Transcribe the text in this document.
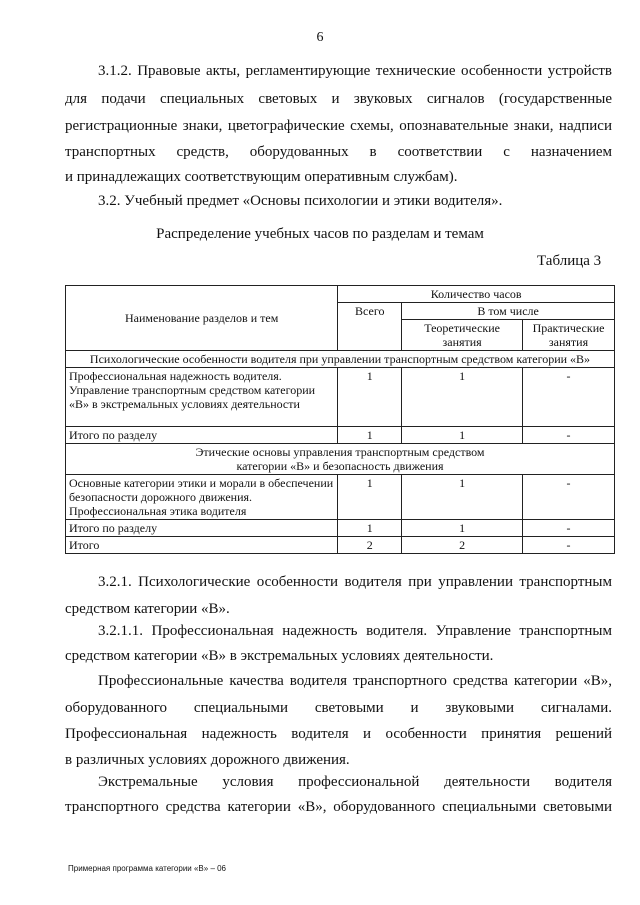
6
3.1.2. Правовые акты, регламентирующие технические особенности устройств
для подачи специальных световых и звуковых сигналов (государственные
регистрационные знаки, цветографические схемы, опознавательные знаки, надписи
транспортных средств, оборудованных в соответствии с назначением
и принадлежащих соответствующим оперативным службам).
3.2. Учебный предмет «Основы психологии и этики водителя».
Распределение учебных часов по разделам и темам
Таблица 3
Наименование разделов и тем	Количество часов		
	Всего	В том числе	
		Теоретические занятия	Практические занятия
Психологические особенности водителя при управлении транспортным средством категории «В»			
Профессиональная надежность водителя. Управление транспортным средством категории «В» в экстремальных условиях деятельности	1	1	-
Итого по разделу	1	1	-

Этические основы управления транспортным средством
категории «В» и безопасность движения			

Основные категории этики и морали в обеспечении безопасности дорожного движения. Профессиональная этика водителя	1	1	-
Итого по разделу	1	1	-
Итого	2	2	-
3.2.1. Психологические особенности водителя при управлении транспортным
средством категории «В».
3.2.1.1. Профессиональная надежность водителя. Управление транспортным
средством категории «В» в экстремальных условиях деятельности.
Профессиональные качества водителя транспортного средства категории «В»,
оборудованного специальными световыми и звуковыми сигналами.
Профессиональная надежность водителя и особенности принятия решений
в различных условиях дорожного движения.
Экстремальные условия профессиональной деятельности водителя
транспортного средства категории «В», оборудованного специальными световыми
Примерная программа категории «В» – 06
